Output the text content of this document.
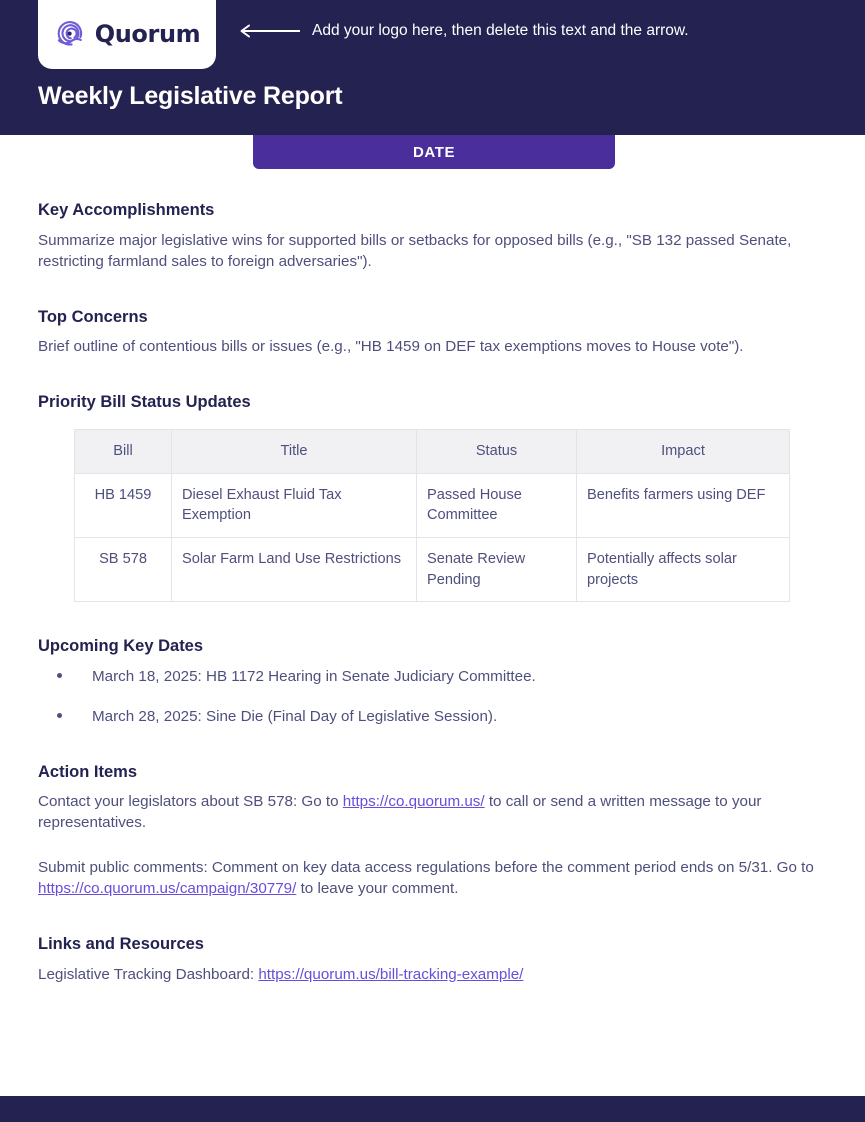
Quorum	Add your logo here, then delete this text and the arrow.
Weekly Legislative Report
DATE
Key Accomplishments

Summarize major legislative wins for supported bills or setbacks for opposed bills (e.g., "SB 132 passed Senate, restricting farmland sales to foreign adversaries").

Top Concerns

Brief outline of contentious bills or issues (e.g., "HB 1459 on DEF tax exemptions moves to House vote").

Priority Bill Status Updates
Bill	Title	Status	Impact
HB 1459	Diesel Exhaust Fluid Tax Exemption	Passed House Committee	Benefits farmers using DEF
SB 578	Solar Farm Land Use Restrictions	Senate Review Pending	Potentially affects solar projects
Upcoming Key Dates
March 18, 2025: HB 1172 Hearing in Senate Judiciary Committee.
March 28, 2025: Sine Die (Final Day of Legislative Session).
Action Items

Contact your legislators about SB 578: Go to https://co.quorum.us/ to call or send a written message to your representatives.

Submit public comments: Comment on key data access regulations before the comment period ends on 5/31. Go to https://co.quorum.us/campaign/30779/ to leave your comment.

Links and Resources

Legislative Tracking Dashboard: https://quorum.us/bill-tracking-example/
